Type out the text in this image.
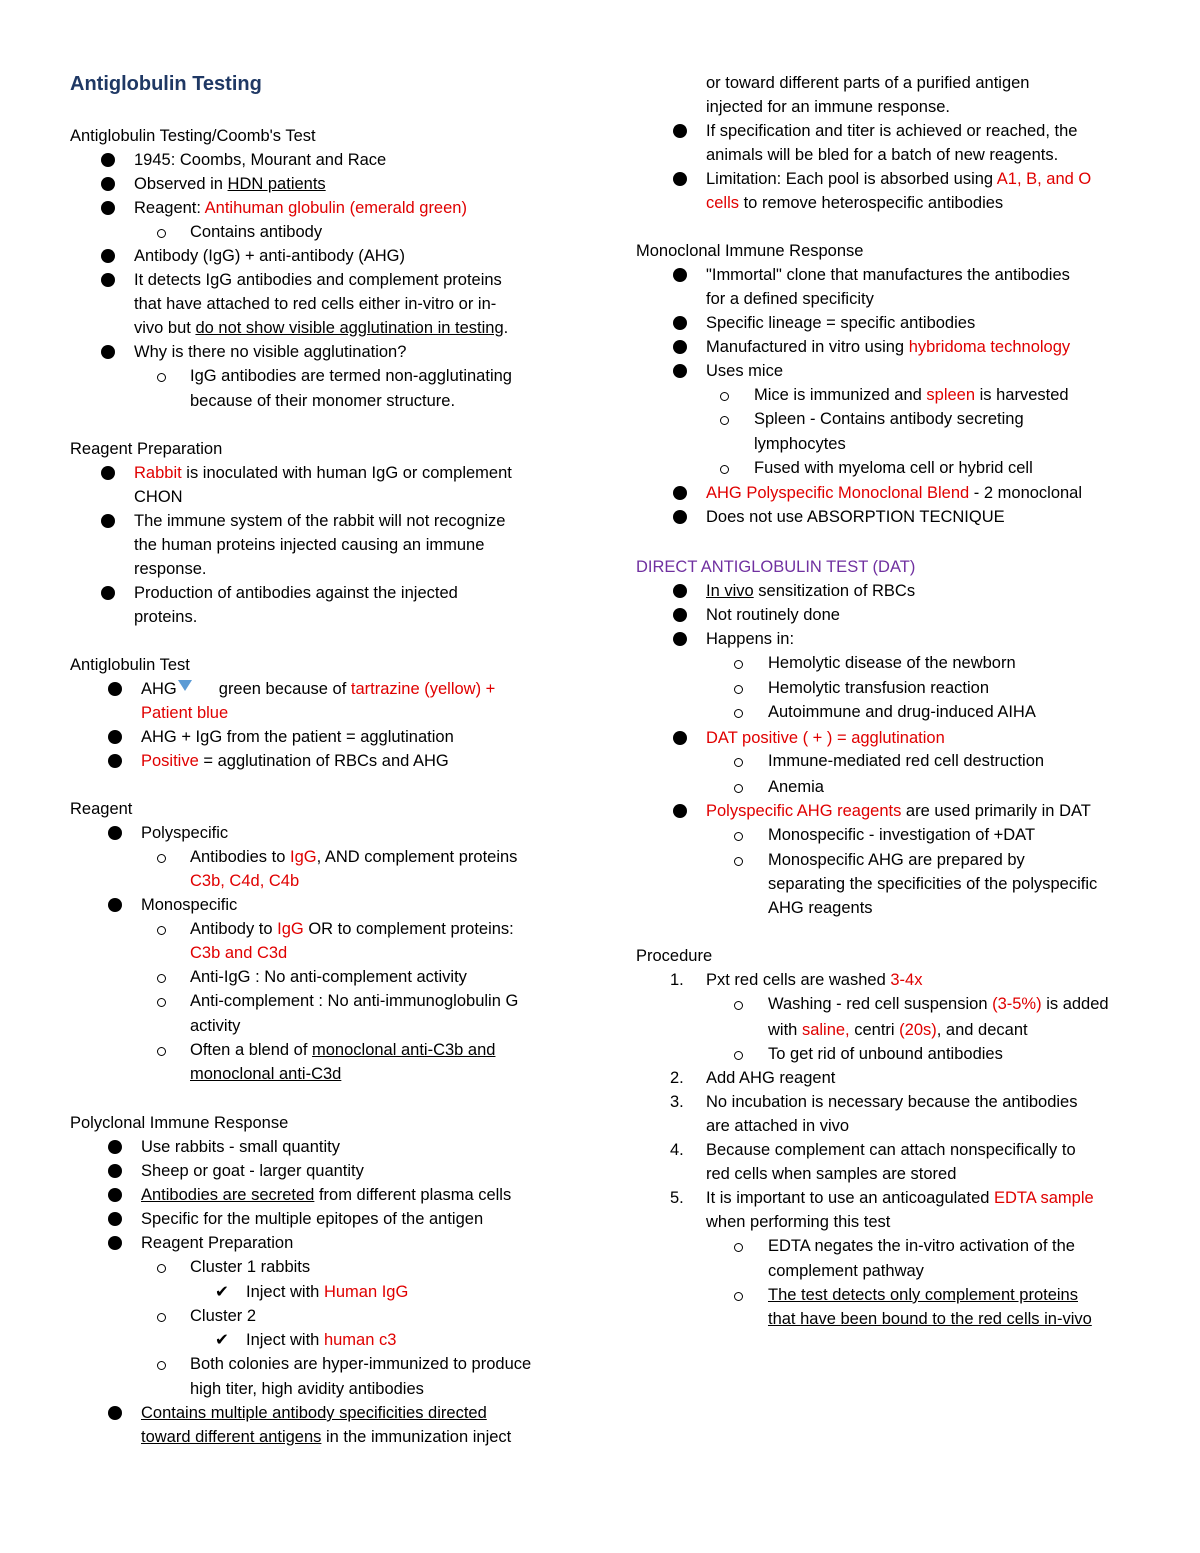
Antiglobulin Testing
Antiglobulin Testing/Coomb's Test
1945: Coombs, Mourant and Race
Observed in HDN patients
Reagent: Antihuman globulin (emerald green)
Contains antibody
Antibody (IgG) + anti-antibody (AHG)
It detects IgG antibodies and complement proteins
that have attached to red cells either in-vitro or in-
vivo but do not show visible agglutination in testing.
Why is there no visible agglutination?
IgG antibodies are termed non-agglutinating
because of their monomer structure.
Reagent Preparation
Rabbit is inoculated with human IgG or complement
CHON
The immune system of the rabbit will not recognize
the human proteins injected causing an immune
response.
Production of antibodies against the injected
proteins.
Antiglobulin Test
AHG	green because of tartrazine (yellow) +
Patient blue
AHG + IgG from the patient = agglutination
Positive = agglutination of RBCs and AHG
Reagent
Polyspecific
Antibodies to IgG, AND complement proteins
C3b, C4d, C4b
Monospecific
Antibody to IgG OR to complement proteins:
C3b and C3d
Anti-IgG : No anti-complement activity
Anti-complement : No anti-immunoglobulin G
activity
Often a blend of monoclonal anti-C3b and
monoclonal anti-C3d
Polyclonal Immune Response
Use rabbits - small quantity
Sheep or goat - larger quantity
Antibodies are secreted from different plasma cells
Specific for the multiple epitopes of the antigen
Reagent Preparation
Cluster 1 rabbits
✔ Inject with Human IgG
Cluster 2
✔ Inject with human c3
Both colonies are hyper-immunized to produce
high titer, high avidity antibodies
Contains multiple antibody specificities directed
toward different antigens in the immunization inject
or toward different parts of a purified antigen
injected for an immune response.
If specification and titer is achieved or reached, the
animals will be bled for a batch of new reagents.
Limitation: Each pool is absorbed using A1, B, and O
cells to remove heterospecific antibodies
Monoclonal Immune Response
"Immortal" clone that manufactures the antibodies
for a defined specificity
Specific lineage = specific antibodies
Manufactured in vitro using hybridoma technology
Uses mice
Mice is immunized and spleen is harvested
Spleen - Contains antibody secreting
lymphocytes
Fused with myeloma cell or hybrid cell
AHG Polyspecific Monoclonal Blend - 2 monoclonal
Does not use ABSORPTION TECNIQUE
DIRECT ANTIGLOBULIN TEST (DAT)
In vivo sensitization of RBCs
Not routinely done
Happens in:
Hemolytic disease of the newborn
Hemolytic transfusion reaction
Autoimmune and drug-induced AIHA
DAT positive ( + ) = agglutination
Immune-mediated red cell destruction
Anemia
Polyspecific AHG reagents are used primarily in DAT
Monospecific - investigation of +DAT
Monospecific AHG are prepared by
separating the specificities of the polyspecific
AHG reagents
Procedure
1. Pxt red cells are washed 3-4x
Washing - red cell suspension (3-5%) is added
with saline, centri (20s), and decant
To get rid of unbound antibodies
2. Add AHG reagent
3. No incubation is necessary because the antibodies
are attached in vivo
4. Because complement can attach nonspecifically to
red cells when samples are stored
5. It is important to use an anticoagulated EDTA sample
when performing this test
EDTA negates the in-vitro activation of the
complement pathway
The test detects only complement proteins
that have been bound to the red cells in-vivo
